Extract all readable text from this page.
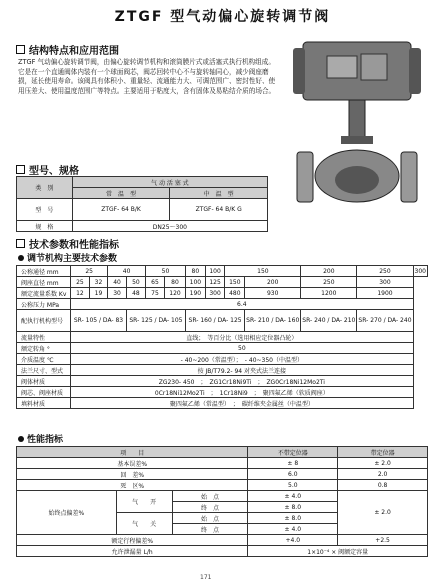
ZTGF 型气动偏心旋转调节阀
结构特点和应用范围
ZTGF 气动偏心旋转调节阀，由偏心旋转调节机构和滚筒膜片式或活塞式执行机构组成。它是在一个直通阀体内装有一个球面阀芯，阀芯回转中心不与旋转轴同心，减少阀座磨损，延长使用寿命。该阀具有体积小、重量轻、流通能力大、可调范围广、密封性好、使用压差大、使用温度范围广等特点。主要适用于粘度大，含有固体及易粘结介质的场合。
型号、规格
类　别	气 动 活 塞 式	
	常　温　型	中　温　型
型　号	ZTGF- 64 B/K	ZTGF- 64 B/K G
规　格	DN25～300	
技术参数和性能指标
调节机构主要技术参数
公称通径 mm	25		40		50		80	100	150		200	250	300
阀座直径 mm	25	32	40	50	65	80	100	125	150	200	250	300	
额定流量系数 Kv	12	19	30	48	75	120	190	300	480	930	1200	1900	
公称压力 MPa	6.4												
配执行机构型号	SR- 105 / DA- 83			SR- 125 / DA- 105			SR- 160 / DA- 125			SR- 210 / DA- 160	SR- 240 / DA- 210	SR- 270 / DA- 240	
流量特性	直线；　等百分比（选用相应定位器凸轮）												
额定转角 °	50												
介质温度 ℃	- 40~200（常温型）；　- 40~350（中温型）												
法兰尺寸、型式	按 JB/T79.2- 94 对夹式法兰连接												
阀体材质	ZG230- 450　；　ZG1Cr18Ni9Ti　；　ZG0Cr18Ni12Mo2Ti												
阀芯、阀座材质	0Cr18Ni12Mo2Ti　；　1Cr18Ni9　；　聚四氟乙烯（软质阀座）												
填料材质	聚四氟乙烯（常温型）　；　碳纤维夹金属丝（中温型）												
性能指标
项　　目			不带定位器	带定位器
基本误差%			± 8	± 2.0
回　差%			6.0	2.0
死　区%			5.0	0.8
始终点偏差%	气　　开	始　点	± 4.0	± 2.0
		终　点	± 8.0	
	气　　关	始　点	± 8.0	
		终　点	± 4.0	
额定行程偏差%			+4.0	+2.5
允许泄漏量 L/h			1×10⁻⁴ × 阀额定容量	
171
